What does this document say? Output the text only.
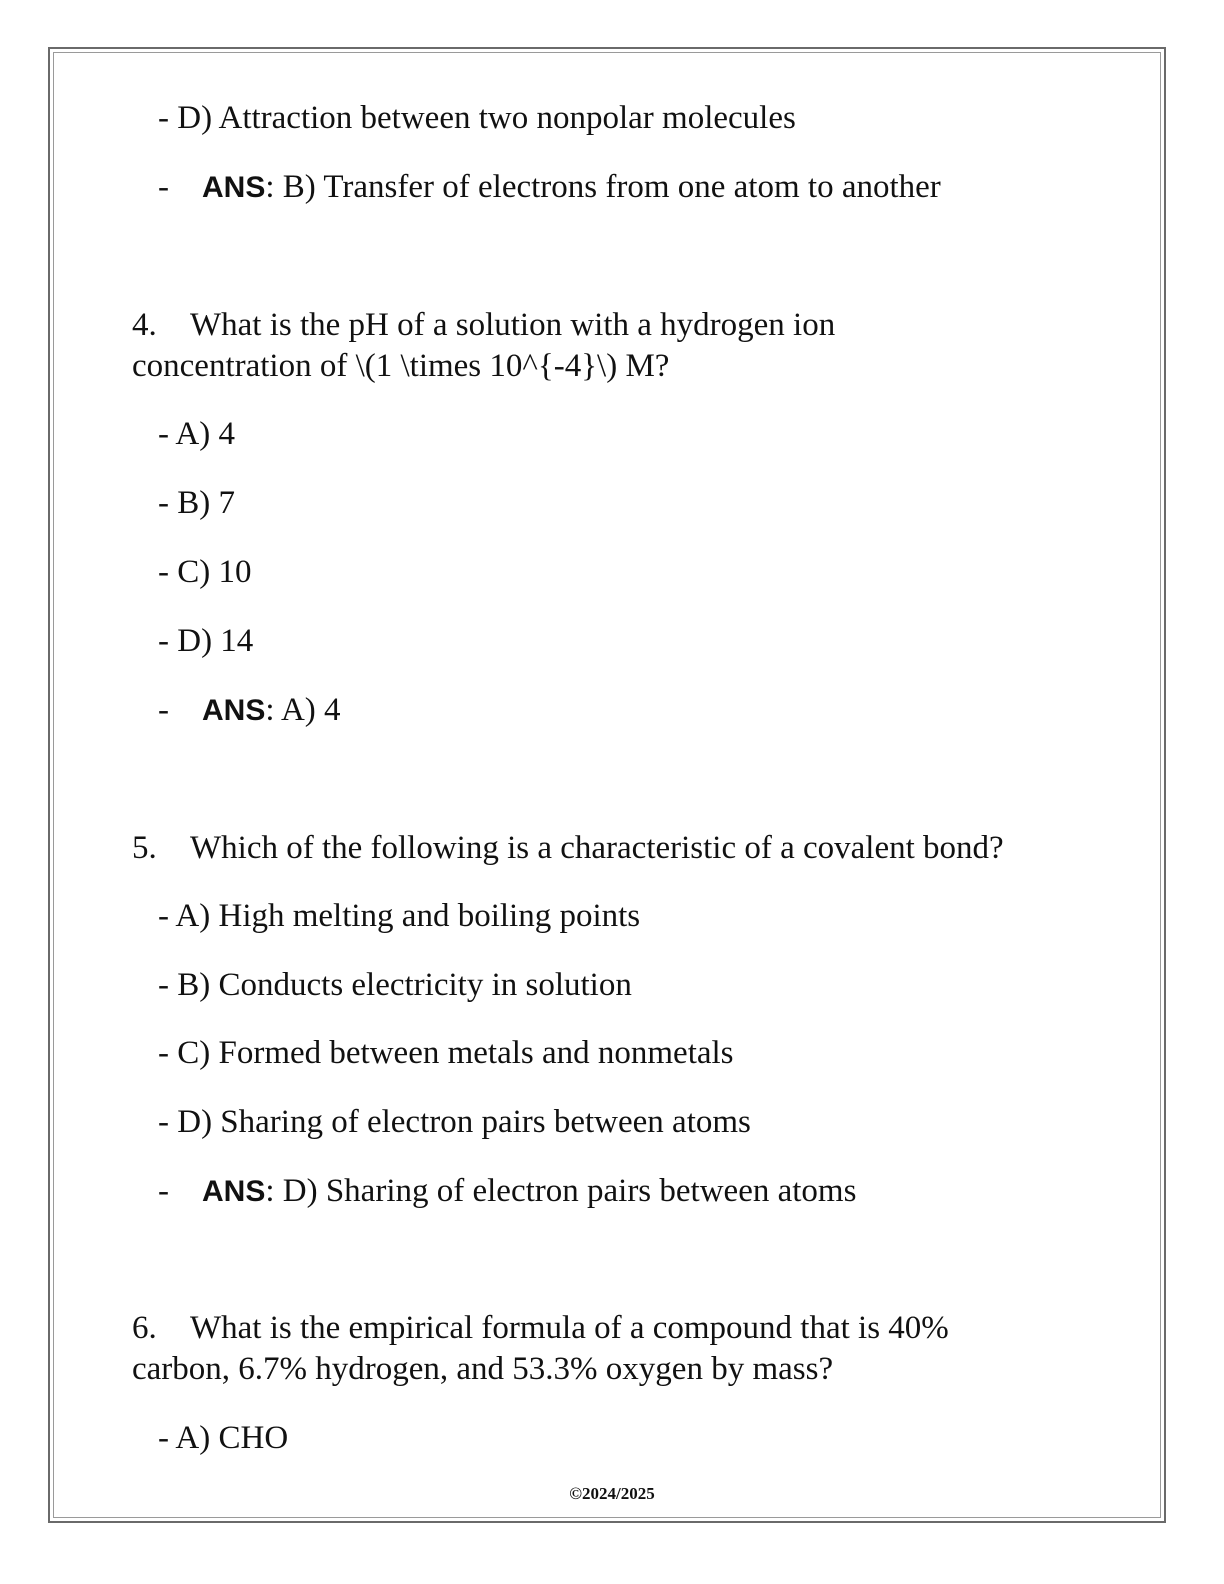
- D) Attraction between two nonpolar molecules
- ANS: B) Transfer of electrons from one atom to another
4. What is the pH of a solution with a hydrogen ion
concentration of \(1 \times 10^{-4}\) M?
- A) 4
- B) 7
- C) 10
- D) 14
- ANS: A) 4
5. Which of the following is a characteristic of a covalent bond?
- A) High melting and boiling points
- B) Conducts electricity in solution
- C) Formed between metals and nonmetals
- D) Sharing of electron pairs between atoms
- ANS: D) Sharing of electron pairs between atoms
6. What is the empirical formula of a compound that is 40%
carbon, 6.7% hydrogen, and 53.3% oxygen by mass?
- A) CHO
©2024/2025
